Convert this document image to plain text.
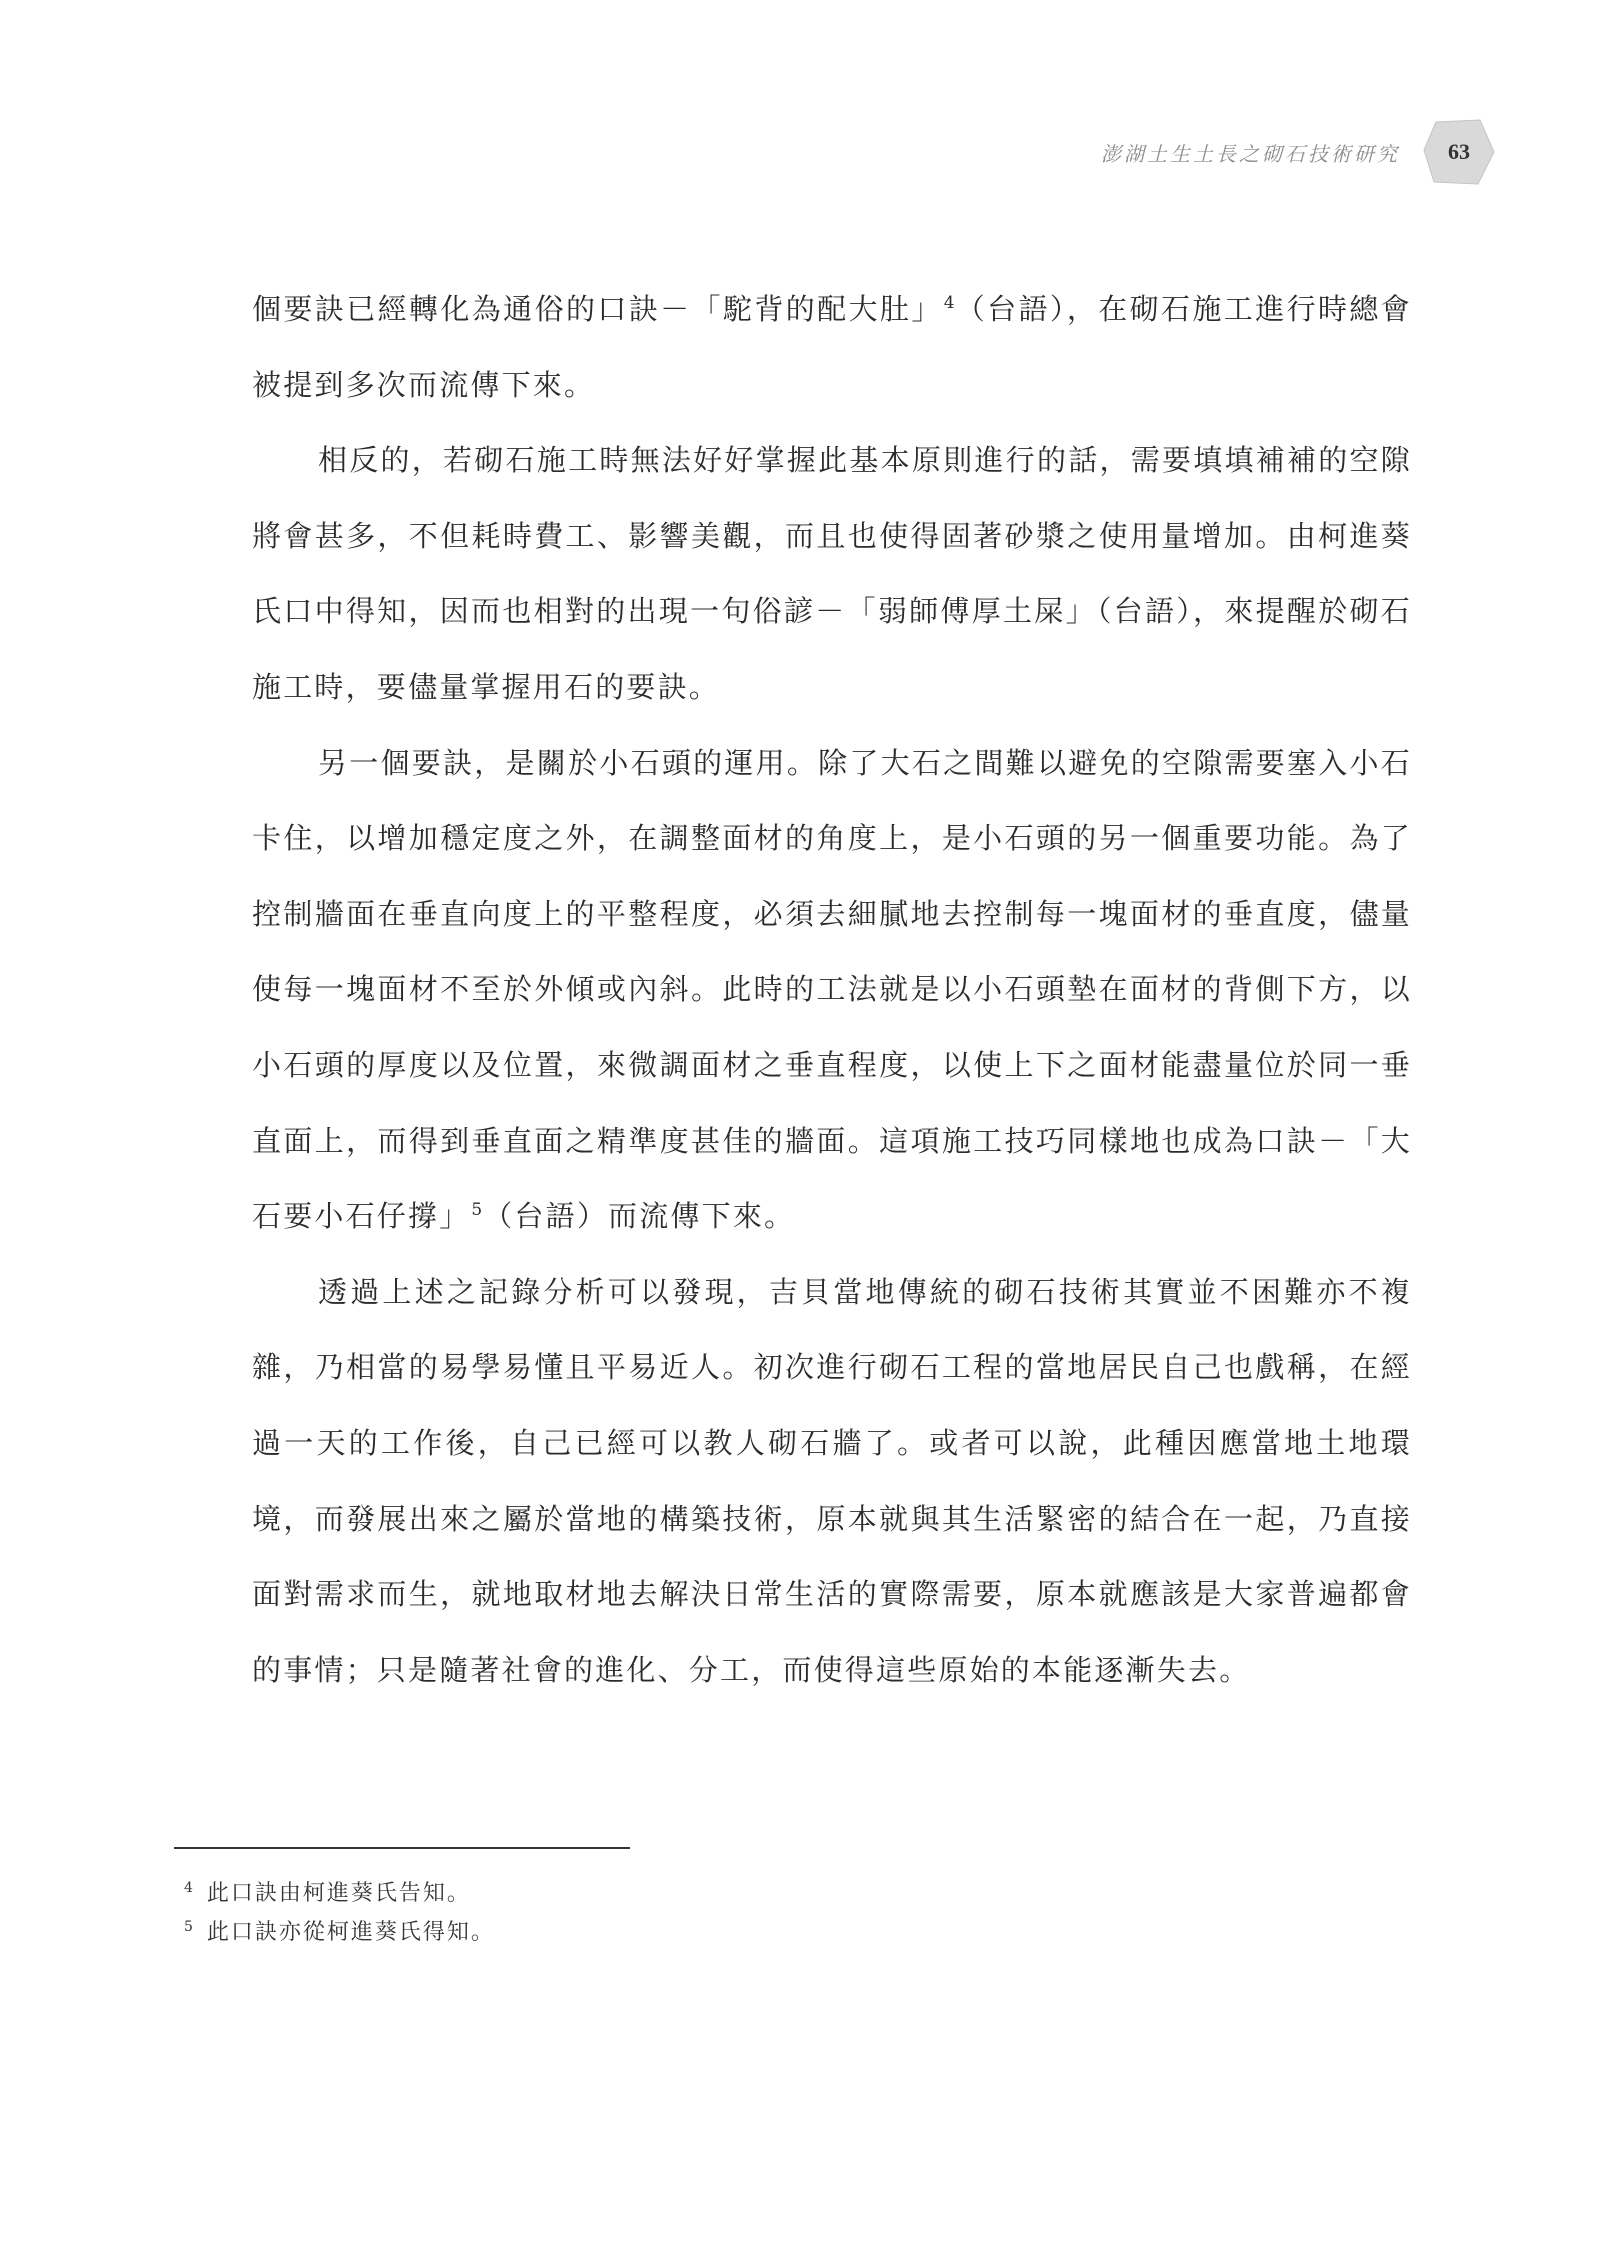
澎湖土生土長之砌石技術研究	63

個要訣已經轉化為通俗的口訣－「駝背的配大肚」$^4$（台語），在砌石施工進行時總會被提到多次而流傳下來。

相反的，若砌石施工時無法好好掌握此基本原則進行的話，需要填填補補的空隙將會甚多，不但耗時費工、影響美觀，而且也使得固著砂漿之使用量增加。由柯進葵氏口中得知，因而也相對的出現一句俗諺－「弱師傅厚土屎」（台語），來提醒於砌石施工時，要儘量掌握用石的要訣。

另一個要訣，是關於小石頭的運用。除了大石之間難以避免的空隙需要塞入小石卡住，以增加穩定度之外，在調整面材的角度上，是小石頭的另一個重要功能。為了控制牆面在垂直向度上的平整程度，必須去細膩地去控制每一塊面材的垂直度，儘量使每一塊面材不至於外傾或內斜。此時的工法就是以小石頭墊在面材的背側下方，以小石頭的厚度以及位置，來微調面材之垂直程度，以使上下之面材能盡量位於同一垂直面上，而得到垂直面之精準度甚佳的牆面。這項施工技巧同樣地也成為口訣－「大石要小石仔撐」$^5$（台語）而流傳下來。

透過上述之記錄分析可以發現，吉貝當地傳統的砌石技術其實並不困難亦不複雜，乃相當的易學易懂且平易近人。初次進行砌石工程的當地居民自己也戲稱，在經過一天的工作後，自己已經可以教人砌石牆了。或者可以說，此種因應當地土地環境，而發展出來之屬於當地的構築技術，原本就與其生活緊密的結合在一起，乃直接面對需求而生，就地取材地去解決日常生活的實際需要，原本就應該是大家普遍都會的事情；只是隨著社會的進化、分工，而使得這些原始的本能逐漸失去。

$^4$ 此口訣由柯進葵氏告知。
$^5$ 此口訣亦從柯進葵氏得知。
